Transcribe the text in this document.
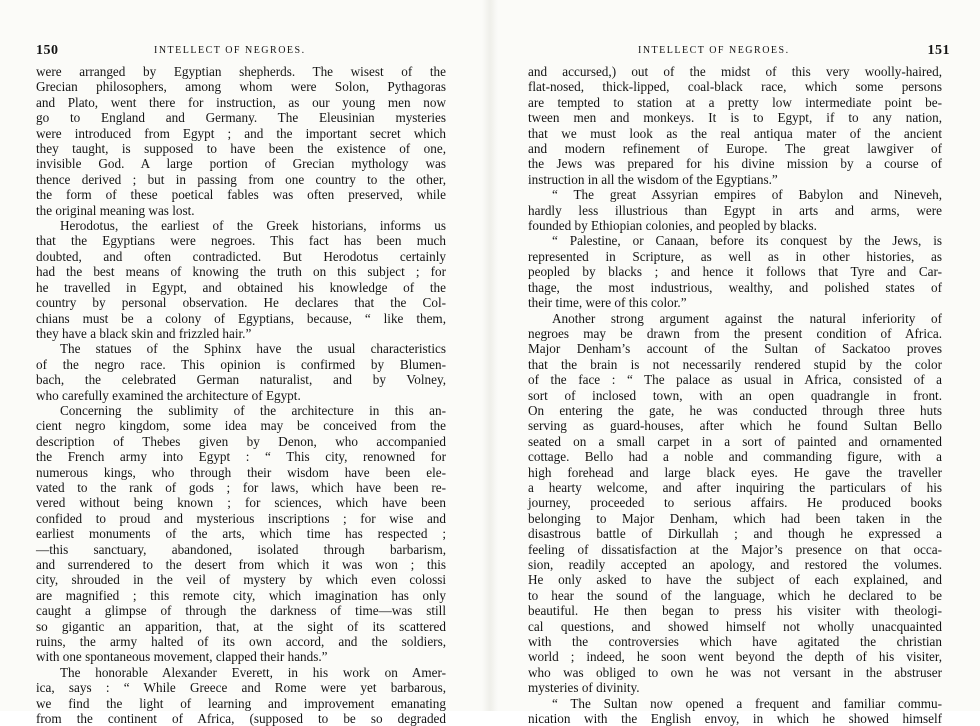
150	INTELLECT OF NEGROES.
were arranged by Egyptian shepherds. The wisest of the
Grecian philosophers, among whom were Solon, Pythagoras
and Plato, went there for instruction, as our young men now
go to England and Germany. The Eleusinian mysteries
were introduced from Egypt ; and the important secret which
they taught, is supposed to have been the existence of one,
invisible God. A large portion of Grecian mythology was
thence derived ; but in passing from one country to the other,
the form of these poetical fables was often preserved, while
the original meaning was lost.
Herodotus, the earliest of the Greek historians, informs us
that the Egyptians were negroes. This fact has been much
doubted, and often contradicted. But Herodotus certainly
had the best means of knowing the truth on this subject ; for
he travelled in Egypt, and obtained his knowledge of the
country by personal observation. He declares that the Col-
chians must be a colony of Egyptians, because, “ like them,
they have a black skin and frizzled hair.”
The statues of the Sphinx have the usual characteristics
of the negro race. This opinion is confirmed by Blumen-
bach, the celebrated German naturalist, and by Volney,
who carefully examined the architecture of Egypt.
Concerning the sublimity of the architecture in this an-
cient negro kingdom, some idea may be conceived from the
description of Thebes given by Denon, who accompanied
the French army into Egypt : “ This city, renowned for
numerous kings, who through their wisdom have been ele-
vated to the rank of gods ; for laws, which have been re-
vered without being known ; for sciences, which have been
confided to proud and mysterious inscriptions ; for wise and
earliest monuments of the arts, which time has respected ;
—this sanctuary, abandoned, isolated through barbarism,
and surrendered to the desert from which it was won ; this
city, shrouded in the veil of mystery by which even colossi
are magnified ; this remote city, which imagination has only
caught a glimpse of through the darkness of time—was still
so gigantic an apparition, that, at the sight of its scattered
ruins, the army halted of its own accord, and the soldiers,
with one spontaneous movement, clapped their hands.”
The honorable Alexander Everett, in his work on Amer-
ica, says : “ While Greece and Rome were yet barbarous,
we find the light of learning and improvement emanating
from the continent of Africa, (supposed to be so degraded
INTELLECT OF NEGROES.	151
and accursed,) out of the midst of this very woolly-haired,
flat-nosed, thick-lipped, coal-black race, which some persons
are tempted to station at a pretty low intermediate point be-
tween men and monkeys. It is to Egypt, if to any nation,
that we must look as the real antiqua mater of the ancient
and modern refinement of Europe. The great lawgiver of
the Jews was prepared for his divine mission by a course of
instruction in all the wisdom of the Egyptians.”
“ The great Assyrian empires of Babylon and Nineveh,
hardly less illustrious than Egypt in arts and arms, were
founded by Ethiopian colonies, and peopled by blacks.
“ Palestine, or Canaan, before its conquest by the Jews, is
represented in Scripture, as well as in other histories, as
peopled by blacks ; and hence it follows that Tyre and Car-
thage, the most industrious, wealthy, and polished states of
their time, were of this color.”
Another strong argument against the natural inferiority of
negroes may be drawn from the present condition of Africa.
Major Denham’s account of the Sultan of Sackatoo proves
that the brain is not necessarily rendered stupid by the color
of the face : “ The palace as usual in Africa, consisted of a
sort of inclosed town, with an open quadrangle in front.
On entering the gate, he was conducted through three huts
serving as guard-houses, after which he found Sultan Bello
seated on a small carpet in a sort of painted and ornamented
cottage. Bello had a noble and commanding figure, with a
high forehead and large black eyes. He gave the traveller
a hearty welcome, and after inquiring the particulars of his
journey, proceeded to serious affairs. He produced books
belonging to Major Denham, which had been taken in the
disastrous battle of Dirkullah ; and though he expressed a
feeling of dissatisfaction at the Major’s presence on that occa-
sion, readily accepted an apology, and restored the volumes.
He only asked to have the subject of each explained, and
to hear the sound of the language, which he declared to be
beautiful. He then began to press his visiter with theologi-
cal questions, and showed himself not wholly unacquainted
with the controversies which have agitated the christian
world ; indeed, he soon went beyond the depth of his visiter,
who was obliged to own he was not versant in the abstruser
mysteries of divinity.
“ The Sultan now opened a frequent and familiar commu-
nication with the English envoy, in which he showed himself
